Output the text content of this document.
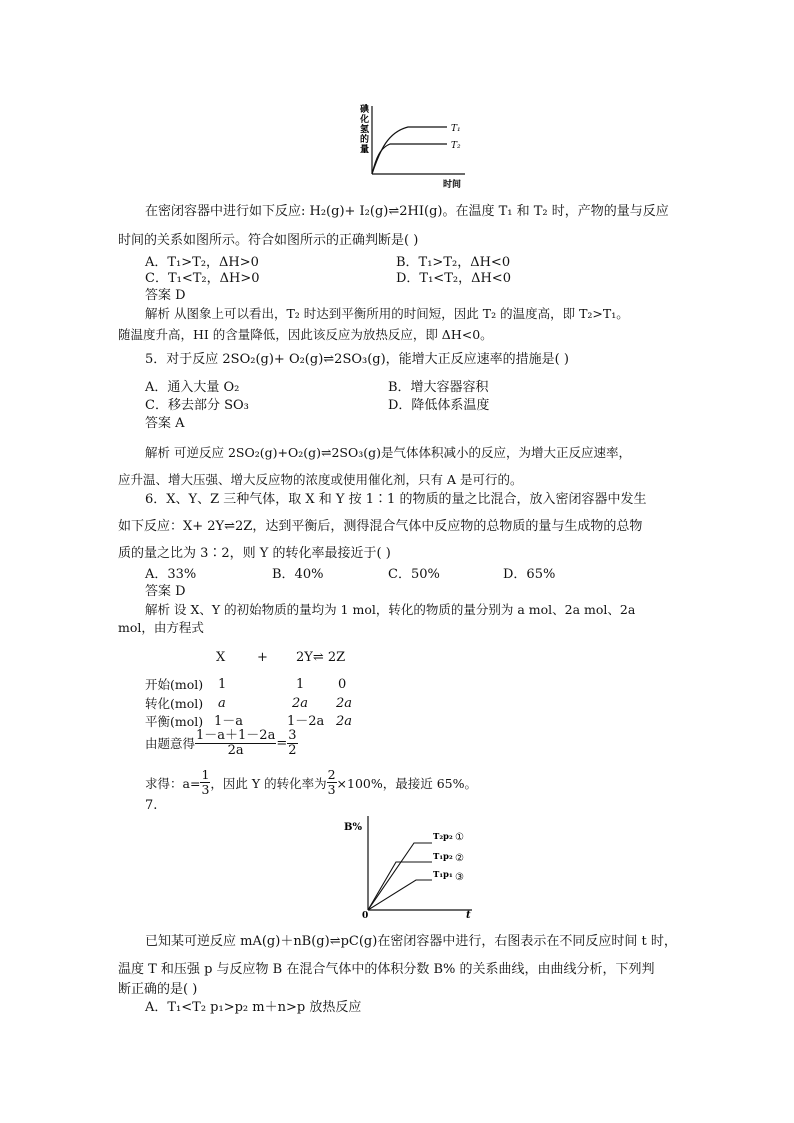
T₁
T₂
碘
化
氢
的
量
时间
在密闭容器中进行如下反应: H₂(g)+ I₂(g)⇌2HI(g)。在温度 T₁ 和 T₂ 时，产物的量与反应
时间的关系如图所示。符合如图所示的正确判断是( )
A．T₁>T₂，ΔH>0	B．T₁>T₂，ΔH<0
C．T₁<T₂，ΔH>0	D．T₁<T₂，ΔH<0
答案 D
解析 从图象上可以看出，T₂ 时达到平衡所用的时间短，因此 T₂ 的温度高，即 T₂>T₁。
随温度升高，HI 的含量降低，因此该反应为放热反应，即 ΔH<0。
5．对于反应 2SO₂(g)+ O₂(g)⇌2SO₃(g)，能增大正反应速率的措施是( )
A．通入大量 O₂	B．增大容器容积
C．移去部分 SO₃	D．降低体系温度
答案 A
解析 可逆反应 2SO₂(g)+O₂(g)⇌2SO₃(g)是气体体积减小的反应，为增大正反应速率，
应升温、增大压强、增大反应物的浓度或使用催化剂，只有 A 是可行的。
6．X、Y、Z 三种气体，取 X 和 Y 按 1∶1 的物质的量之比混合，放入密闭容器中发生
如下反应：X+ 2Y⇌2Z，达到平衡后，测得混合气体中反应物的总物质的量与生成物的总物
质的量之比为 3∶2，则 Y 的转化率最接近于( )
A．33%	B．40%	C．50%	D．65%
答案 D
解析 设 X、Y 的初始物质的量均为 1 mol，转化的物质的量分别为 a mol、2a mol、2a
mol，由方程式
X + 2Y⇌ 2Z
开始(mol) 1	1	0
转化(mol) a	2a 2a
平衡(mol) 1－a	1－2a 2a
由题意得 $\frac{1-a+1-2a}{2a} = \frac{3}{2}$
求得：$a= \frac{1}{3}$ ，因此 Y 的转化率为 $\frac{2}{3} \times 100\%$，最接近 65%。
7.
B%
0	t
T₂p₂ ①
T₁p₂ ②
T₁p₁ ③
已知某可逆反应 mA(g)＋nB(g)⇌pC(g)在密闭容器中进行，右图表示在不同反应时间 t 时，
温度 T 和压强 p 与反应物 B 在混合气体中的体积分数 B% 的关系曲线，由曲线分析，下列判
断正确的是( )
A．T₁<T₂ p₁>p₂ m＋n>p 放热反应
